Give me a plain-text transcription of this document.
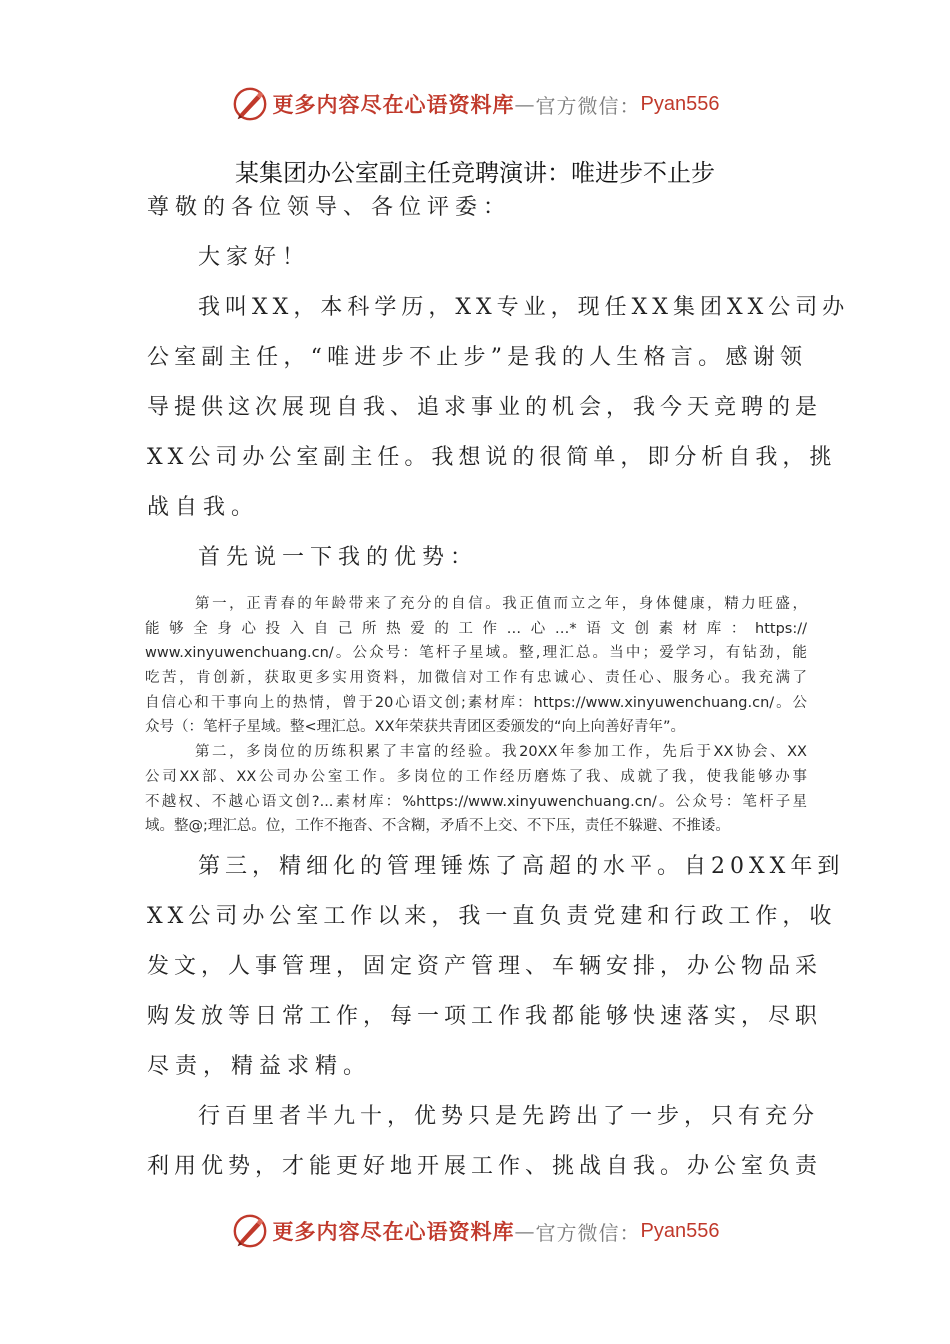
更多内容尽在心语资料库 — 官方微信： Pyan556
某集团办公室副主任竞聘演讲：唯进步不止步
尊敬的各位领导、各位评委：
大家好！
我叫XX，本科学历，XX专业，现任XX集团XX公司办
公室副主任，“唯进步不止步”是我的人生格言。感谢领
导提供这次展现自我、追求事业的机会，我今天竞聘的是
XX公司办公室副主任。我想说的很简单，即分析自我，挑
战自我。
首先说一下我的优势：
第一，正青春的年龄带来了充分的自信。我正值而立之年，身体健康，精力旺盛，
能够全身心投入自己所热爱的工作…心…*语文创素材库：https://
www.xinyuwenchuang.cn/。公众号：笔杆子星域。整,理汇总。当中；爱学习，有钻劲，能
吃苦，肯创新，获取更多实用资料，加微信对工作有忠诚心、责任心、服务心。我充满了
自信心和干事向上的热情，曾于20心语文创;素材库：https://www.xinyuwenchuang.cn/。公
众号（：笔杆子星域。整<理汇总。XX年荣获共青团区委颁发的“向上向善好青年”。
第二，多岗位的历练积累了丰富的经验。我20XX年参加工作，先后于XX协会、XX
公司XX部、XX公司办公室工作。多岗位的工作经历磨炼了我、成就了我，使我能够办事
不越权、不越心语文创?...素材库：%https://www.xinyuwenchuang.cn/。公众号：笔杆子星
域。整@;理汇总。位，工作不拖沓、不含糊，矛盾不上交、不下压，责任不躲避、不推诿。
第三，精细化的管理锤炼了高超的水平。自20XX年到
XX公司办公室工作以来，我一直负责党建和行政工作，收
发文，人事管理，固定资产管理、车辆安排，办公物品采
购发放等日常工作，每一项工作我都能够快速落实，尽职
尽责，精益求精。
行百里者半九十，优势只是先跨出了一步，只有充分
利用优势，才能更好地开展工作、挑战自我。办公室负责
更多内容尽在心语资料库 — 官方微信： Pyan556
